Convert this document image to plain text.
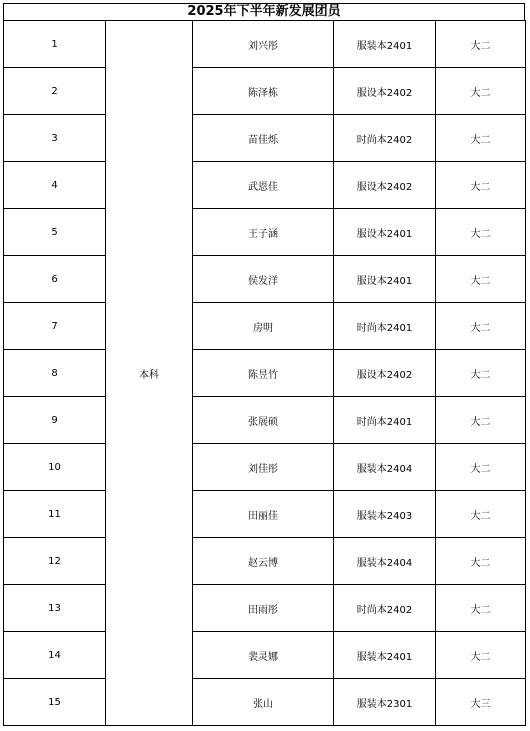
2025年下半年新发展团员
1	本科	刘兴彤	服装本2401	大二
2		陈泽栋	服设本2402	大二
3		苗佳烁	时尚本2402	大二
4		武恩佳	服设本2402	大二
5		王子涵	服设本2401	大二
6		侯发洋	服设本2401	大二
7		房明	时尚本2401	大二
8		陈昱竹	服设本2402	大二
9		张展硕	时尚本2401	大二
10		刘佳彤	服装本2404	大二
11		田丽佳	服装本2403	大二
12		赵云博	服装本2404	大二
13		田雨彤	时尚本2402	大二
14		裴灵娜	服装本2401	大二
15		张山	服装本2301	大三
